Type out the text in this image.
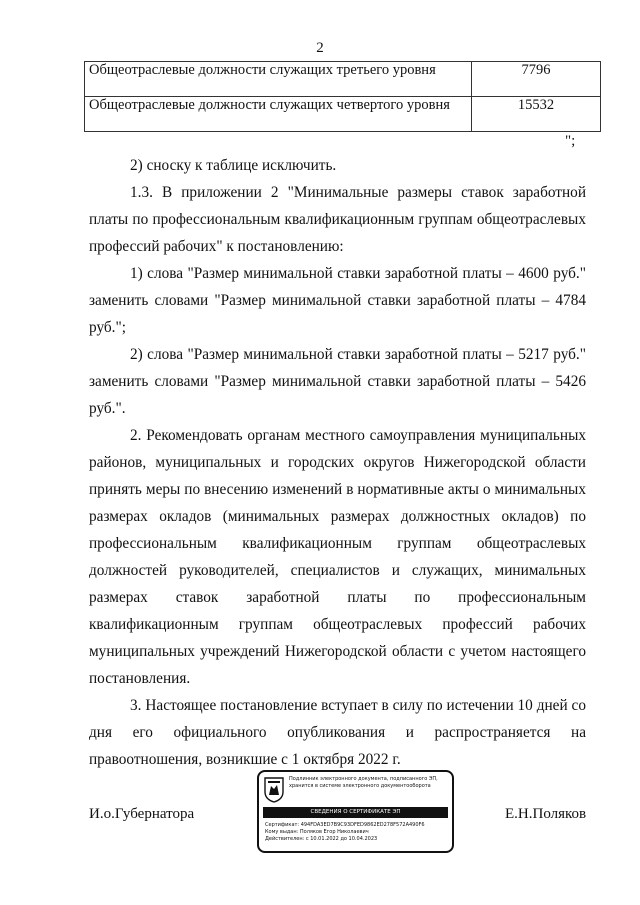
2
Общеотраслевые должности служащих третьего уровня	7796
Общеотраслевые должности служащих четвертого уровня	15532
";

2) сноску к таблице исключить.

1.3. В приложении 2 "Минимальные размеры ставок заработной платы по профессиональным квалификационным группам общеотраслевых профессий рабочих" к постановлению:

1) слова "Размер минимальной ставки заработной платы – 4600 руб." заменить словами "Размер минимальной ставки заработной платы – 4784 руб.";

2) слова "Размер минимальной ставки заработной платы – 5217 руб." заменить словами "Размер минимальной ставки заработной платы – 5426 руб.".

2. Рекомендовать органам местного самоуправления муниципальных районов, муниципальных и городских округов Нижегородской области принять меры по внесению изменений в нормативные акты о минимальных размерах окладов (минимальных размерах должностных окладов) по профессиональным квалификационным группам общеотраслевых должностей руководителей, специалистов и служащих, минимальных размерах ставок заработной платы по профессиональным квалификационным группам общеотраслевых профессий рабочих муниципальных учреждений Нижегородской области с учетом настоящего постановления.

3. Настоящее постановление вступает в силу по истечении 10 дней со дня его официального опубликования и распространяется на правоотношения, возникшие с 1 октября 2022 г.

И.о.Губернатора	Е.Н.Поляков
Подлинник электронного документа, подписанного ЭП, хранится в системе электронного документооборота
СВЕДЕНИЯ О СЕРТИФИКАТЕ ЭП
Сертификат: 494FDA3ED7B9C93DFED9862ED278F572A490F6
Кому выдан: Поляков Егор Николаевич
Действителен: с 10.01.2022 до 10.04.2023
